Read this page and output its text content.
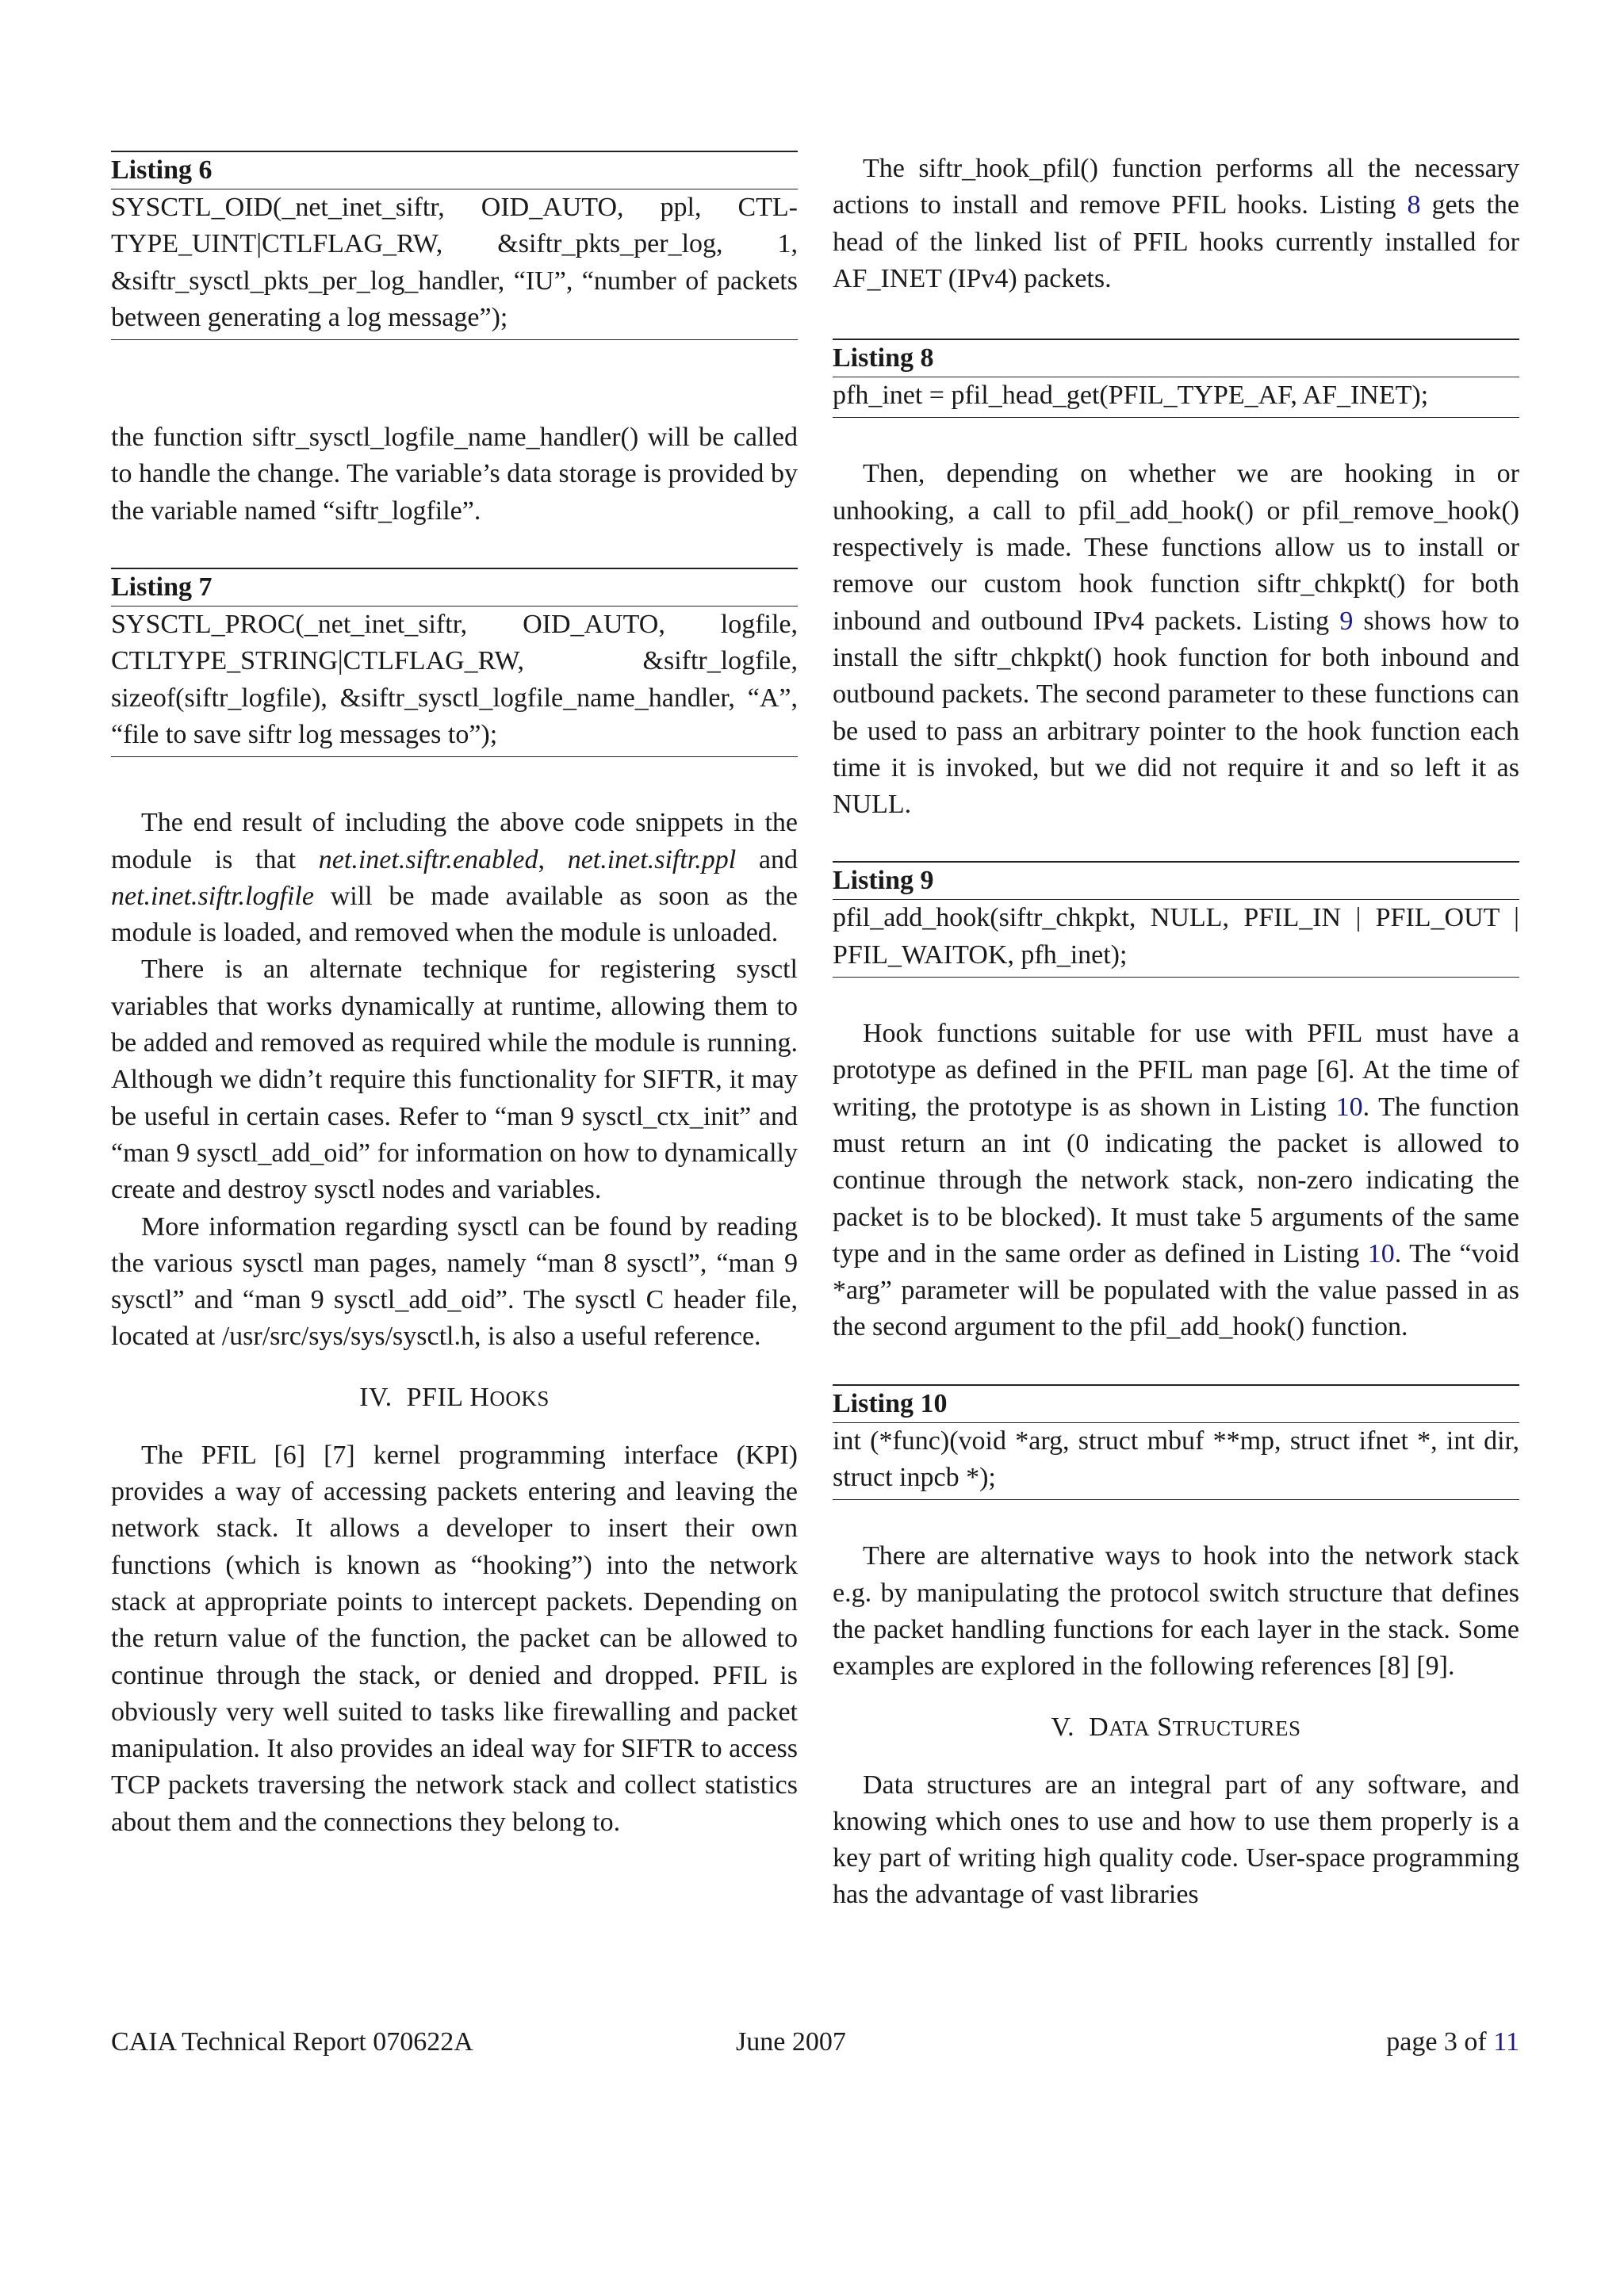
Listing 6
SYSCTL_OID(_net_inet_siftr, OID_AUTO, ppl, CTL-TYPE_UINT|CTLFLAG_RW, &siftr_pkts_per_log, 1, &siftr_sysctl_pkts_per_log_handler, “IU”, “number of packets between generating a log message”);

the function siftr_sysctl_logfile_name_handler() will be called to handle the change. The variable’s data storage is provided by the variable named “siftr_logfile”.

Listing 7
SYSCTL_PROC(_net_inet_siftr, OID_AUTO, logfile, CTLTYPE_STRING|CTLFLAG_RW, &siftr_logfile, sizeof(siftr_logfile), &siftr_sysctl_logfile_name_handler, “A”, “file to save siftr log messages to”);

The end result of including the above code snippets in the module is that net.inet.siftr.enabled, net.inet.siftr.ppl and net.inet.siftr.logfile will be made available as soon as the module is loaded, and removed when the module is unloaded.

There is an alternate technique for registering sysctl variables that works dynamically at runtime, allowing them to be added and removed as required while the module is running. Although we didn’t require this functionality for SIFTR, it may be useful in certain cases. Refer to “man 9 sysctl_ctx_init” and “man 9 sysctl_add_oid” for information on how to dynamically create and destroy sysctl nodes and variables.

More information regarding sysctl can be found by reading the various sysctl man pages, namely “man 8 sysctl”, “man 9 sysctl” and “man 9 sysctl_add_oid”. The sysctl C header file, located at /usr/src/sys/sys/sysctl.h, is also a useful reference.

IV. PFIL HOOKS

The PFIL [6] [7] kernel programming interface (KPI) provides a way of accessing packets entering and leaving the network stack. It allows a developer to insert their own functions (which is known as “hooking”) into the network stack at appropriate points to intercept packets. Depending on the return value of the function, the packet can be allowed to continue through the stack, or denied and dropped. PFIL is obviously very well suited to tasks like firewalling and packet manipulation. It also provides an ideal way for SIFTR to access TCP packets traversing the network stack and collect statistics about them and the connections they belong to.

The siftr_hook_pfil() function performs all the necessary actions to install and remove PFIL hooks. Listing 8 gets the head of the linked list of PFIL hooks currently installed for AF_INET (IPv4) packets.

Listing 8
pfh_inet = pfil_head_get(PFIL_TYPE_AF, AF_INET);

Then, depending on whether we are hooking in or unhooking, a call to pfil_add_hook() or pfil_remove_hook() respectively is made. These functions allow us to install or remove our custom hook function siftr_chkpkt() for both inbound and outbound IPv4 packets. Listing 9 shows how to install the siftr_chkpkt() hook function for both inbound and outbound packets. The second parameter to these functions can be used to pass an arbitrary pointer to the hook function each time it is invoked, but we did not require it and so left it as NULL.

Listing 9
pfil_add_hook(siftr_chkpkt, NULL, PFIL_IN | PFIL_OUT | PFIL_WAITOK, pfh_inet);

Hook functions suitable for use with PFIL must have a prototype as defined in the PFIL man page [6]. At the time of writing, the prototype is as shown in Listing 10. The function must return an int (0 indicating the packet is allowed to continue through the network stack, non-zero indicating the packet is to be blocked). It must take 5 arguments of the same type and in the same order as defined in Listing 10. The “void *arg” parameter will be populated with the value passed in as the second argument to the pfil_add_hook() function.

Listing 10
int (*func)(void *arg, struct mbuf **mp, struct ifnet *, int dir, struct inpcb *);

There are alternative ways to hook into the network stack e.g. by manipulating the protocol switch structure that defines the packet handling functions for each layer in the stack. Some examples are explored in the following references [8] [9].

V. DATA STRUCTURES

Data structures are an integral part of any software, and knowing which ones to use and how to use them properly is a key part of writing high quality code. User-space programming has the advantage of vast libraries

CAIA Technical Report 070622A	June 2007	page 3 of 11
